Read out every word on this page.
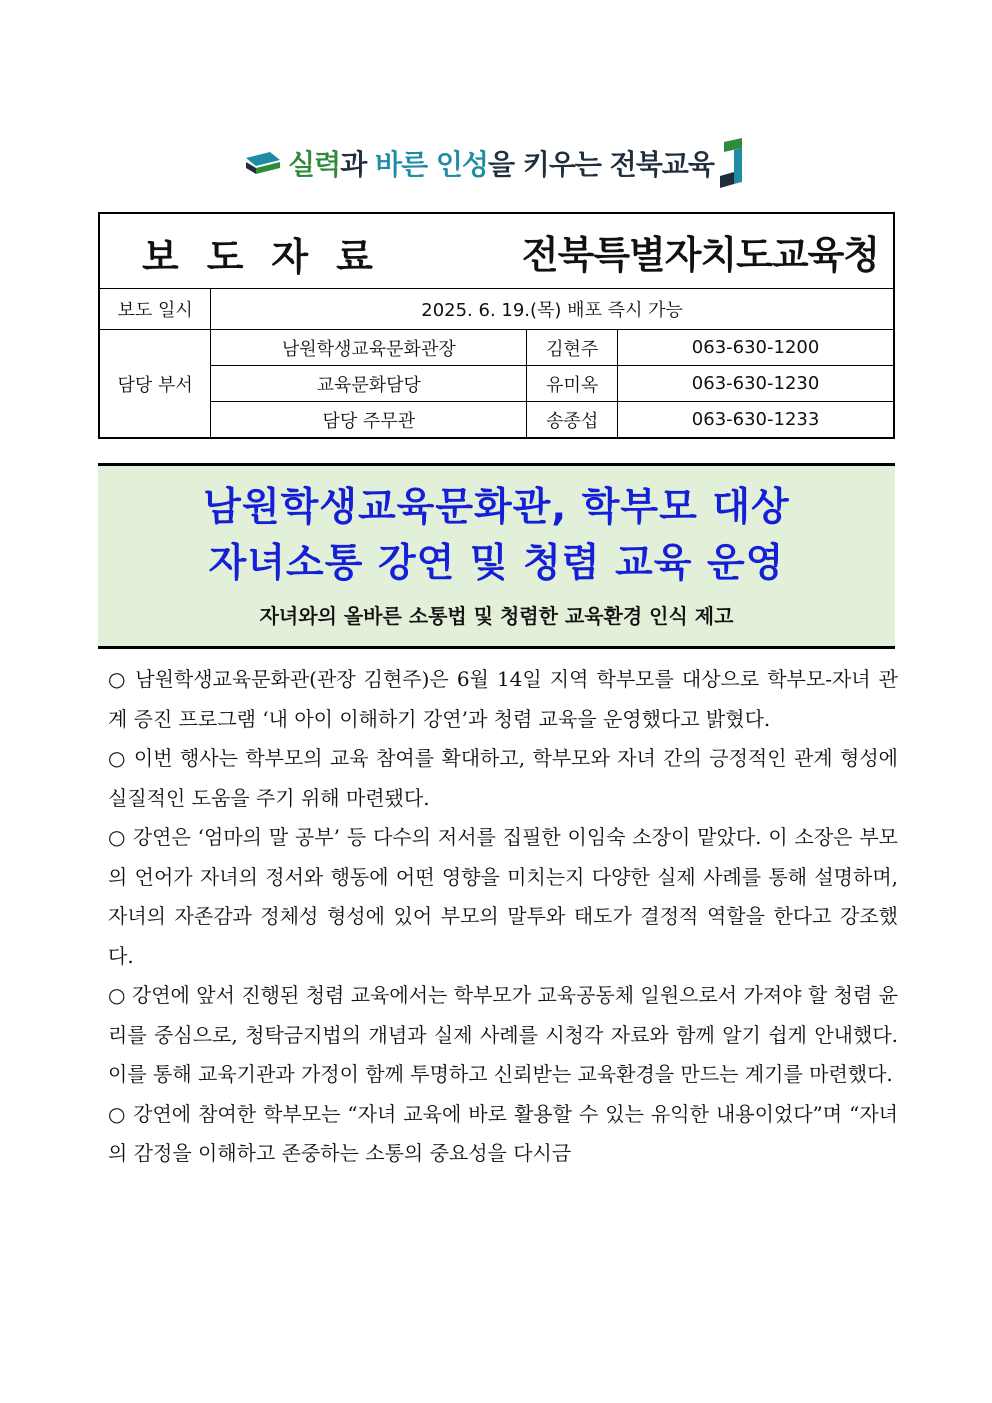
실력과 바른 인성을 키우는 전북교육
보도자료 전북특별자치도교육청			

보도 일시	2025. 6. 19.(목) 배포 즉시 가능		
담당 부서	남원학생교육문화관장	김현주	063-630-1200
	교육문화담당	유미옥	063-630-1230
	담당 주무관	송종섭	063-630-1233
남원학생교육문화관, 학부모 대상
자녀소통 강연 및 청렴 교육 운영
자녀와의 올바른 소통법 및 청렴한 교육환경 인식 제고

○ 남원학생교육문화관(관장 김현주)은 6월 14일 지역 학부모를 대상으로 학부모-자녀 관계 증진 프로그램 ‘내 아이 이해하기 강연’과 청렴 교육을 운영했다고 밝혔다.

○ 이번 행사는 학부모의 교육 참여를 확대하고, 학부모와 자녀 간의 긍정적인 관계 형성에 실질적인 도움을 주기 위해 마련됐다.

○ 강연은 ‘엄마의 말 공부’ 등 다수의 저서를 집필한 이임숙 소장이 맡았다. 이 소장은 부모의 언어가 자녀의 정서와 행동에 어떤 영향을 미치는지 다양한 실제 사례를 통해 설명하며, 자녀의 자존감과 정체성 형성에 있어 부모의 말투와 태도가 결정적 역할을 한다고 강조했다.

○ 강연에 앞서 진행된 청렴 교육에서는 학부모가 교육공동체 일원으로서 가져야 할 청렴 윤리를 중심으로, 청탁금지법의 개념과 실제 사례를 시청각 자료와 함께 알기 쉽게 안내했다. 이를 통해 교육기관과 가정이 함께 투명하고 신뢰받는 교육환경을 만드는 계기를 마련했다.

○ 강연에 참여한 학부모는 “자녀 교육에 바로 활용할 수 있는 유익한 내용이었다”며 “자녀의 감정을 이해하고 존중하는 소통의 중요성을 다시금
